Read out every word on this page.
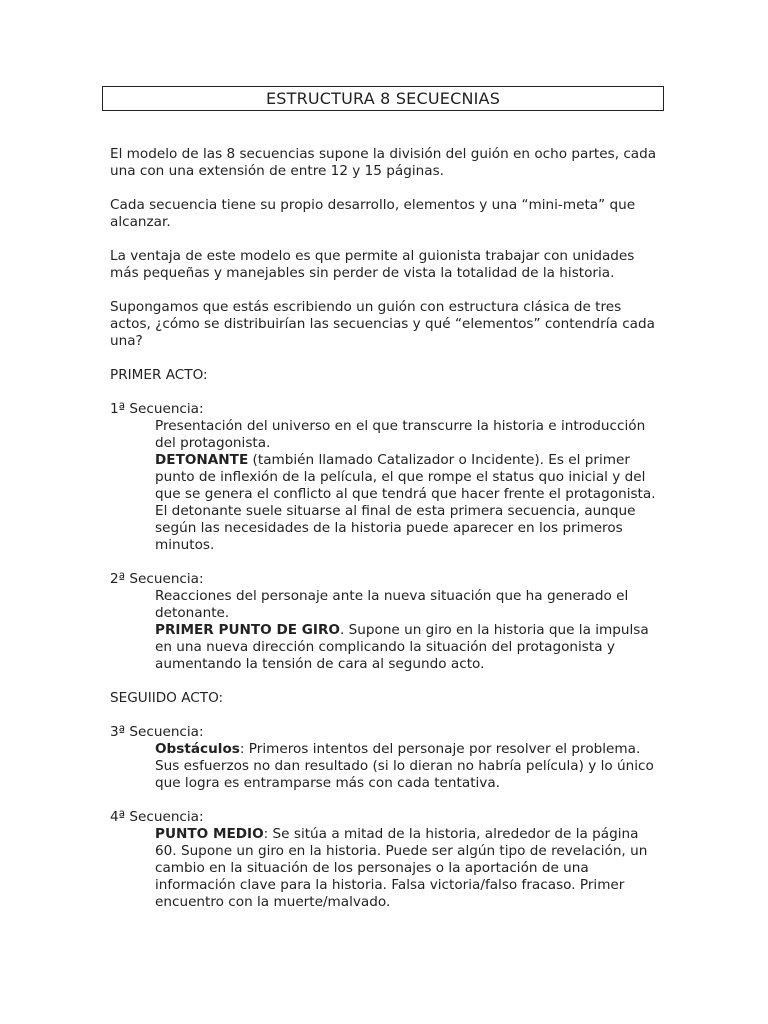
ESTRUCTURA 8 SECUECNIAS

El modelo de las 8 secuencias supone la división del guión en ocho partes, cada una con una extensión de entre 12 y 15 páginas.

Cada secuencia tiene su propio desarrollo, elementos y una “mini-meta” que alcanzar.

La ventaja de este modelo es que permite al guionista trabajar con unidades más pequeñas y manejables sin perder de vista la totalidad de la historia.

Supongamos que estás escribiendo un guión con estructura clásica de tres actos, ¿cómo se distribuirían las secuencias y qué “elementos” contendría cada una?

PRIMER ACTO:

1ª Secuencia:

Presentación del universo en el que transcurre la historia e introducción del protagonista.

DETONANTE (también llamado Catalizador o Incidente). Es el primer punto de inflexión de la película, el que rompe el status quo inicial y del que se genera el conflicto al que tendrá que hacer frente el protagonista. El detonante suele situarse al final de esta primera secuencia, aunque según las necesidades de la historia puede aparecer en los primeros minutos.

2ª Secuencia:

Reacciones del personaje ante la nueva situación que ha generado el detonante.

PRIMER PUNTO DE GIRO. Supone un giro en la historia que la impulsa en una nueva dirección complicando la situación del protagonista y aumentando la tensión de cara al segundo acto.

SEGUIIDO ACTO:

3ª Secuencia:

Obstáculos: Primeros intentos del personaje por resolver el problema. Sus esfuerzos no dan resultado (si lo dieran no habría película) y lo único que logra es entramparse más con cada tentativa.

4ª Secuencia:

PUNTO MEDIO: Se sitúa a mitad de la historia, alrededor de la página 60. Supone un giro en la historia. Puede ser algún tipo de revelación, un cambio en la situación de los personajes o la aportación de una información clave para la historia. Falsa victoria/falso fracaso. Primer encuentro con la muerte/malvado.
